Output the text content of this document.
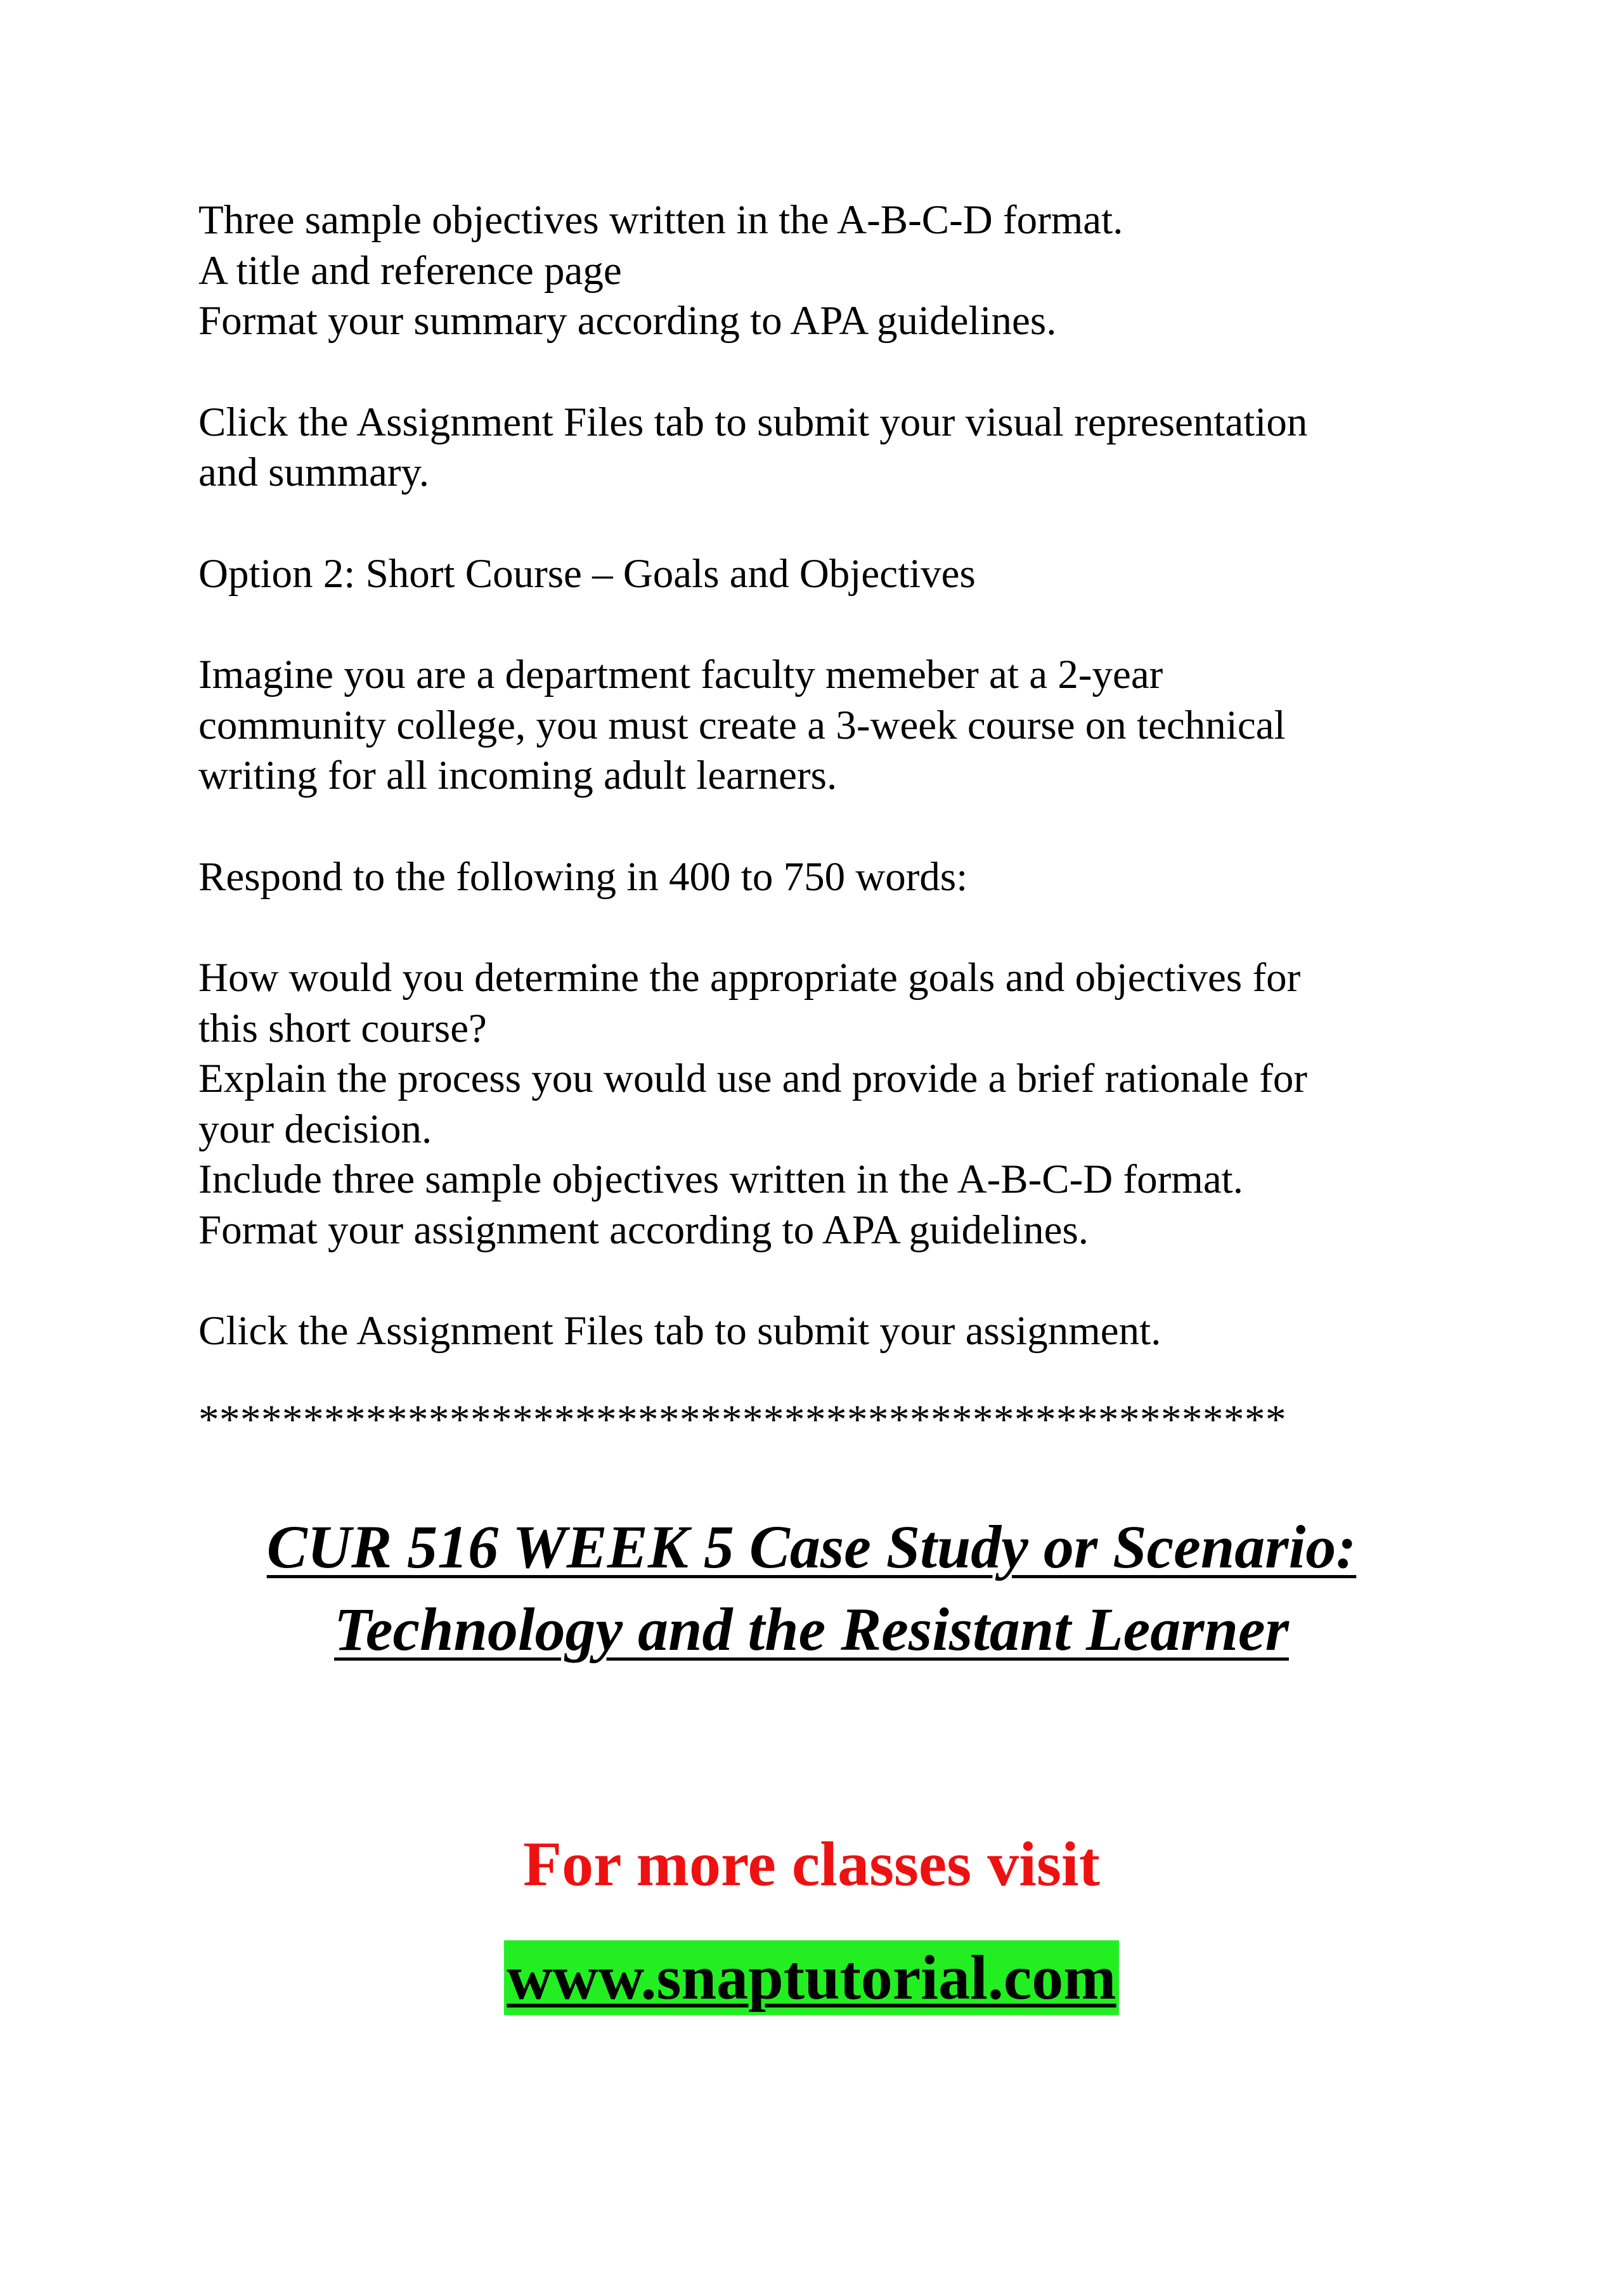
Three sample objectives written in the A-B-C-D format.
A title and reference page
Format your summary according to APA guidelines.
Click the Assignment Files tab to submit your visual representation
and summary.
Option 2: Short Course – Goals and Objectives
Imagine you are a department faculty memeber at a 2-year
community college, you must create a 3-week course on technical
writing for all incoming adult learners.
Respond to the following in 400 to 750 words:
How would you determine the appropriate goals and objectives for
this short course?
Explain the process you would use and provide a brief rationale for
your decision.
Include three sample objectives written in the A-B-C-D format.
Format your assignment according to APA guidelines.
Click the Assignment Files tab to submit your assignment.
****************************************************
CUR 516 WEEK 5 Case Study or Scenario:
Technology and the Resistant Learner
For more classes visit
www.snaptutorial.com
